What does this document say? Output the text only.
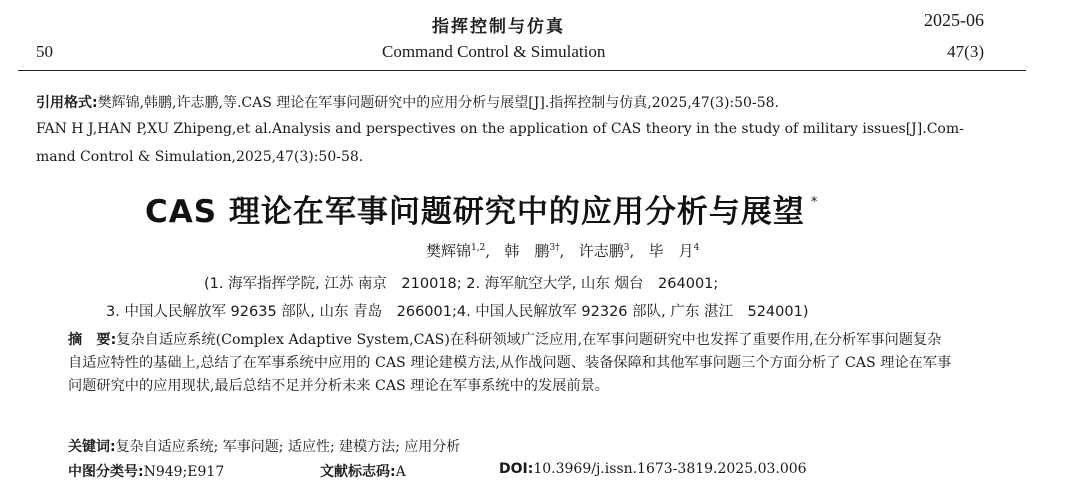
指挥控制与仿真	2025-06
50	Command Control & Simulation	47(3)
引用格式:樊辉锦,韩鹏,许志鹏,等.CAS 理论在军事问题研究中的应用分析与展望[J].指挥控制与仿真,2025,47(3):50-58.
FAN H J,HAN P,XU Zhipeng,et al.Analysis and perspectives on the application of CAS theory in the study of military issues[J].Com-
mand Control & Simulation,2025,47(3):50-58.
CAS 理论在军事问题研究中的应用分析与展望 *
樊辉锦$^{1,2}$,   韩　鹏$^{3\dagger}$,   许志鹏$^3$,   毕　月$^4$
(1. 海军指挥学院, 江苏 南京　210018; 2. 海军航空大学, 山东 烟台　264001;
3. 中国人民解放军 92635 部队, 山东 青岛　266001;4. 中国人民解放军 92326 部队, 广东 湛江　524001)
摘　要:复杂自适应系统(Complex Adaptive System,CAS)在科研领域广泛应用,在军事问题研究中也发挥了重要作用,在分析军事问题复杂自适应特性的基础上,总结了在军事系统中应用的 CAS 理论建模方法,从作战问题、装备保障和其他军事问题三个方面分析了 CAS 理论在军事问题研究中的应用现状,最后总结不足并分析未来 CAS 理论在军事系统中的发展前景。
关键词:复杂自适应系统; 军事问题; 适应性; 建模方法; 应用分析
中图分类号:N949;E917	文献标志码:A	DOI:10.3969/j.issn.1673-3819.2025.03.006
